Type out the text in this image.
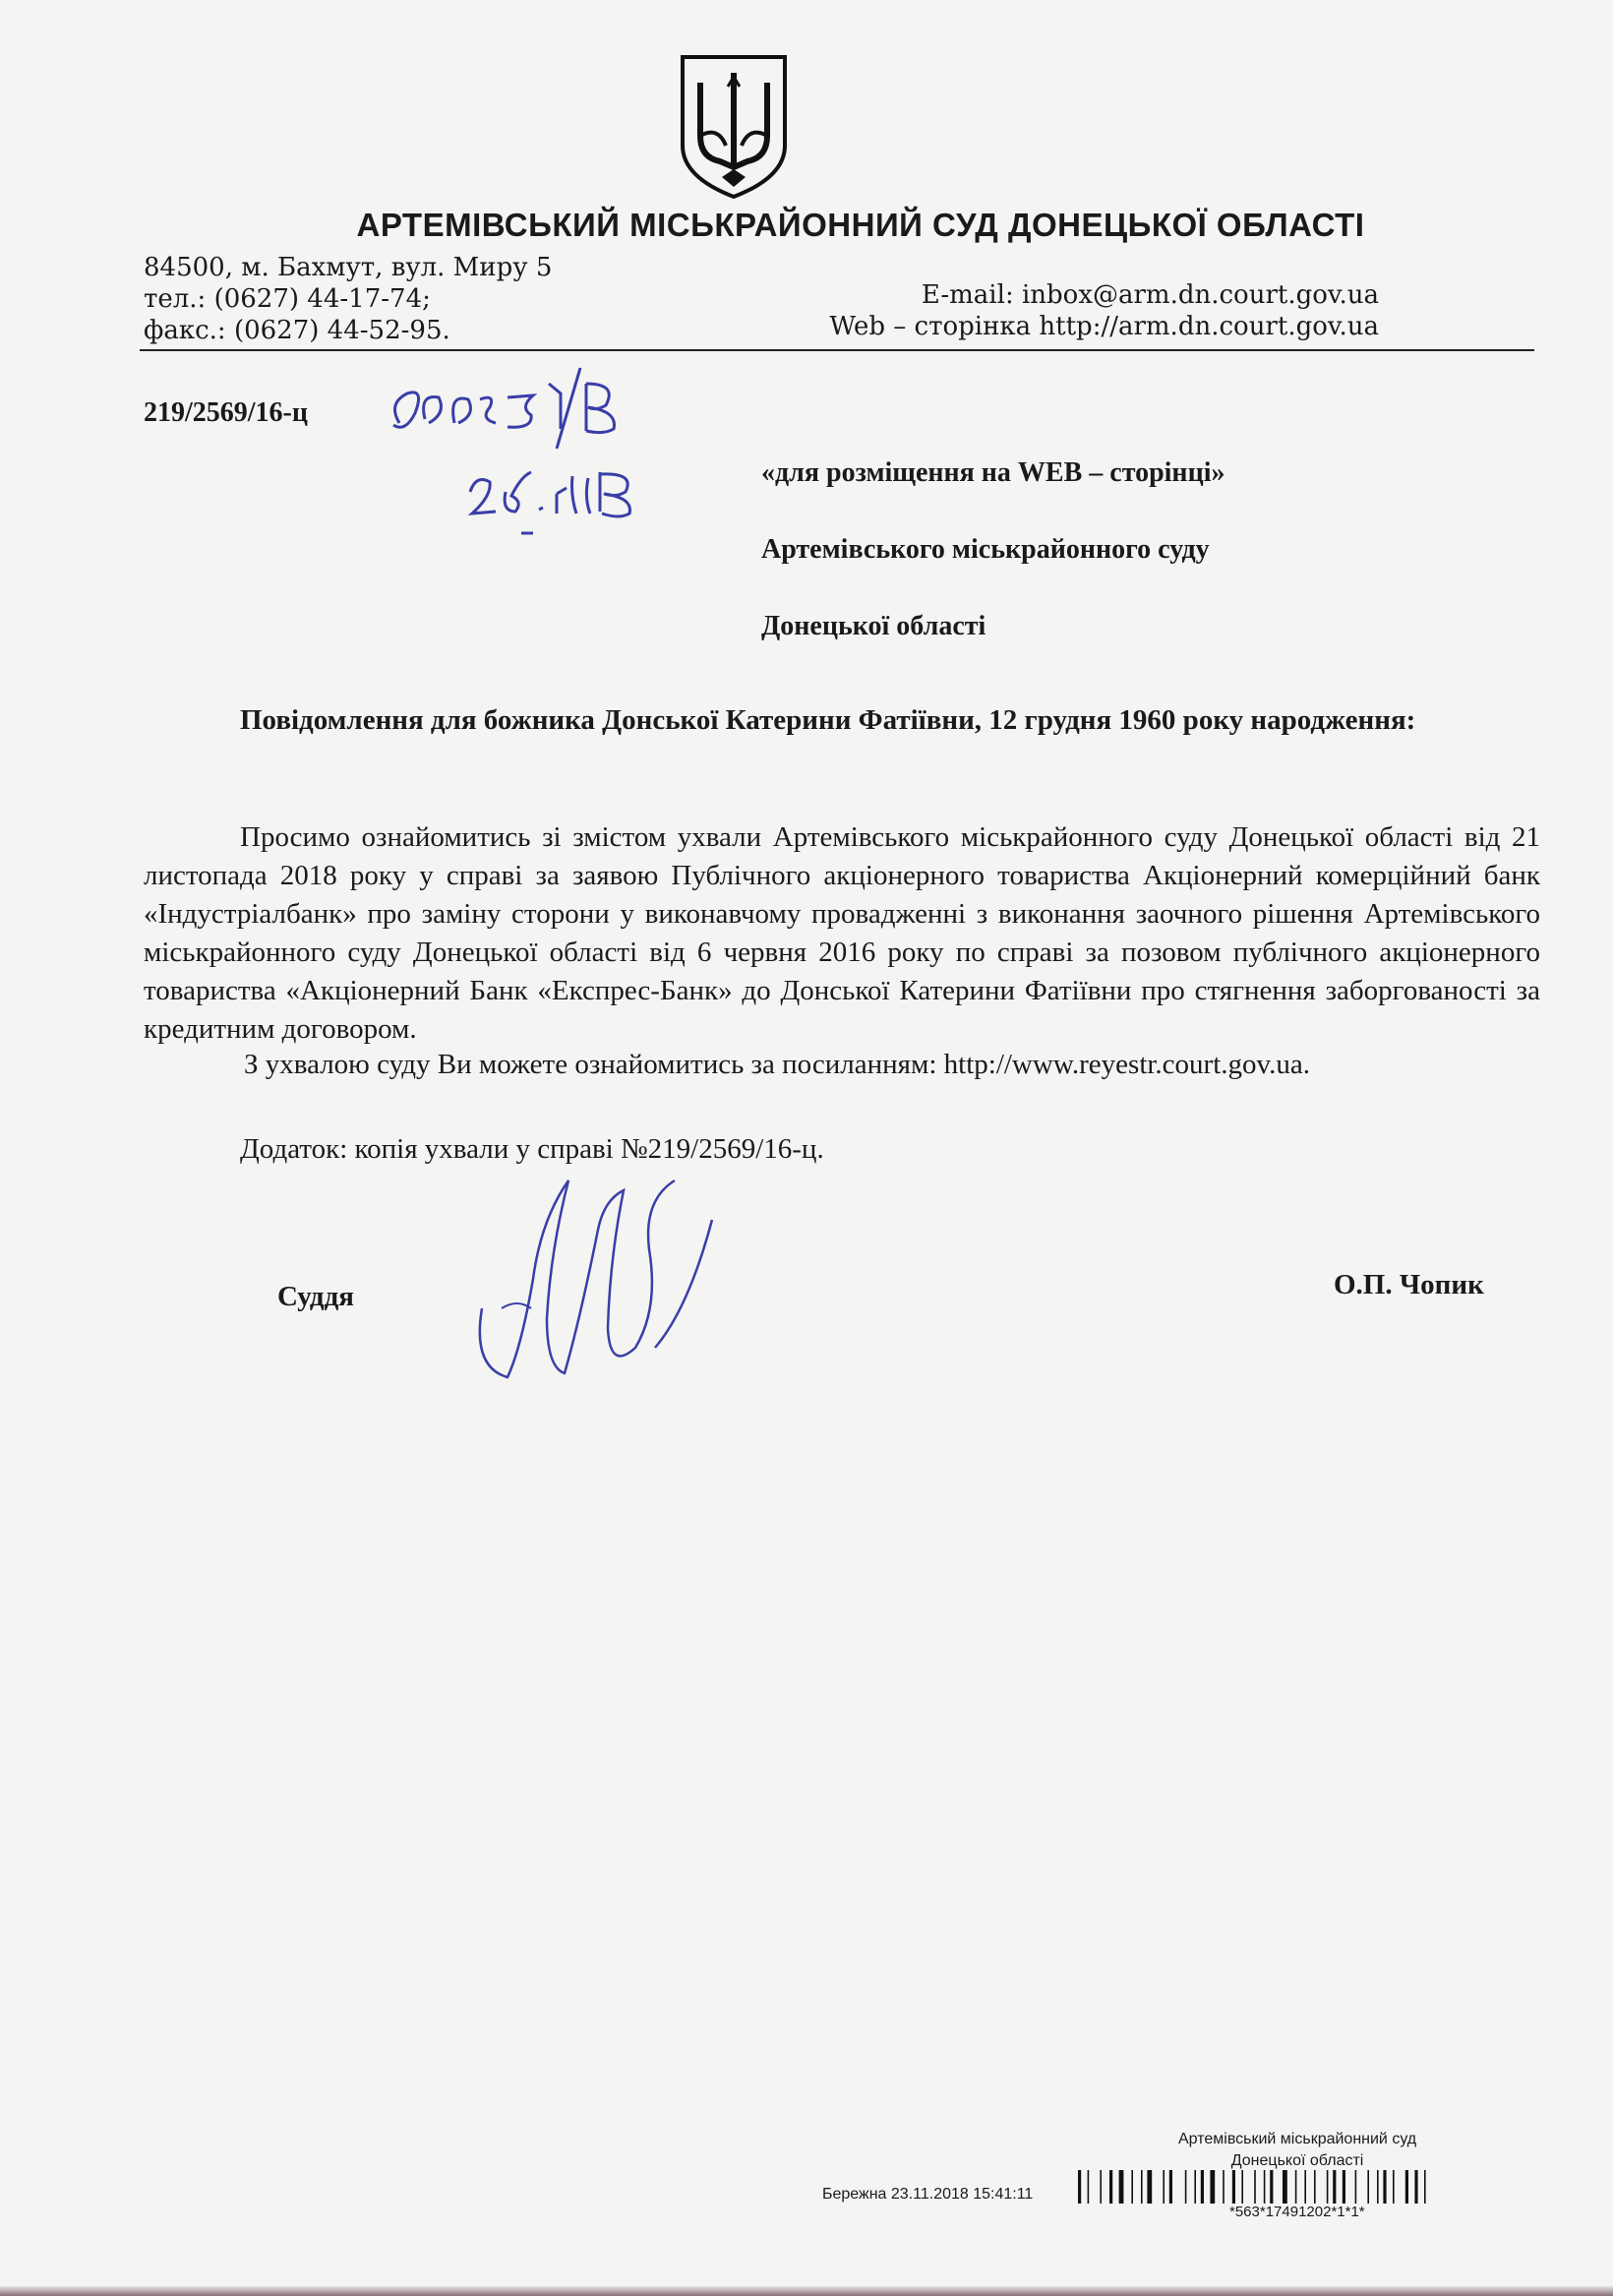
АРТЕМІВСЬКИЙ МІСЬКРАЙОННИЙ СУД ДОНЕЦЬКОЇ ОБЛАСТІ
84500, м. Бахмут, вул. Миру 5
тел.: (0627) 44-17-74;
факс.: (0627) 44-52-95.
E-mail: inbox@arm.dn.court.gov.ua
Web – сторінка http://arm.dn.court.gov.ua
219/2569/16-ц
«для розміщення на WEB – сторінці»
Артемівського міськрайонного суду
Донецької області
Повідомлення для божника Донської Катерини Фатіївни, 12 грудня 1960 року народження:
Просимо ознайомитись зі змістом ухвали Артемівського міськрайонного суду Донецької області від 21 листопада 2018 року у справі за заявою Публічного акціонерного товариства Акціонерний комерційний банк «Індустріалбанк» про заміну сторони у виконавчому провадженні з виконання заочного рішення Артемівського міськрайонного суду Донецької області від 6 червня 2016 року по справі за позовом публічного акціонерного товариства «Акціонерний Банк «Експрес-Банк» до Донської Катерини Фатіївни про стягнення заборгованості за кредитним договором.
З ухвалою суду Ви можете ознайомитись за посиланням: http://www.reyestr.court.gov.ua.
Додаток: копія ухвали у справі №219/2569/16-ц.
Суддя	О.П. Чопик
Артемівський міськрайонний суд
Донецької області
Бережна 23.11.2018 15:41:11
*563*17491202*1*1*
